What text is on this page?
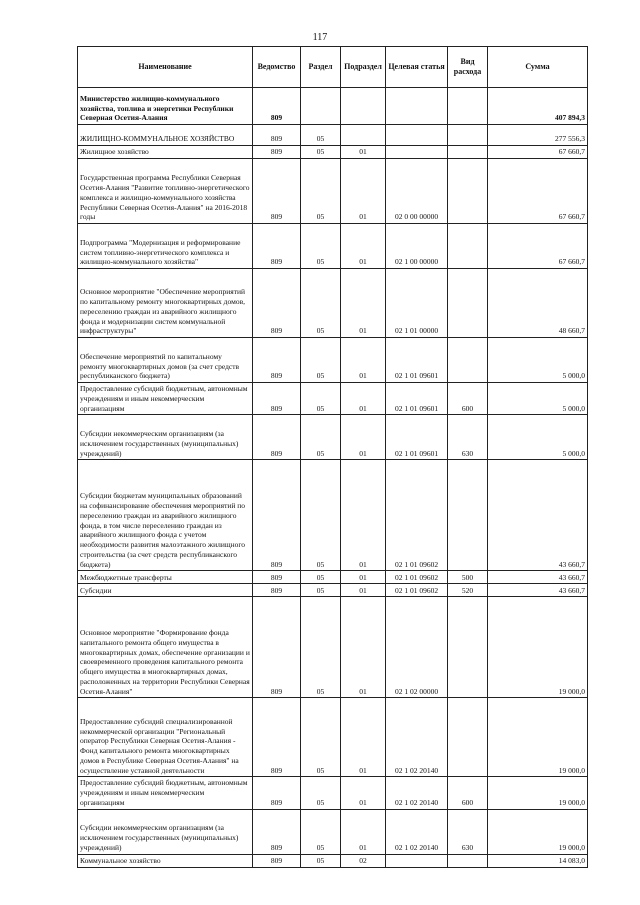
117
Наименование	Ведомство	Раздел	Подраздел	Целевая статья	Вид расхода	Сумма
Министерство жилищно-коммунального хозяйства, топлива и энергетики Республики Северная Осетия-Алания	809					407 894,3
ЖИЛИЩНО-КОММУНАЛЬНОЕ ХОЗЯЙСТВО	809	05				277 556,3
Жилищное хозяйство	809	05	01			67 660,7
Государственная программа Республики Северная Осетия-Алания "Развитие топливно-энергетического комплекса и жилищно-коммунального хозяйства Республики Северная Осетия-Алания" на 2016-2018 годы	809	05	01	02 0 00 00000		67 660,7
Подпрограмма "Модернизация и реформирование систем топливно-энергетического комплекса и жилищно-коммунального хозяйства"	809	05	01	02 1 00 00000		67 660,7
Основное мероприятие "Обеспечение мероприятий по капитальному ремонту многоквартирных домов, переселению граждан из аварийного жилищного фонда и модернизации систем коммунальной инфраструктуры"	809	05	01	02 1 01 00000		48 660,7
Обеспечение мероприятий по капитальному ремонту многоквартирных домов (за счет средств республиканского бюджета)	809	05	01	02 1 01 09601		5 000,0
Предоставление субсидий бюджетным, автономным учреждениям и иным некоммерческим организациям	809	05	01	02 1 01 09601	600	5 000,0
Субсидии некоммерческим организациям (за исключением государственных (муниципальных) учреждений)	809	05	01	02 1 01 09601	630	5 000,0
Субсидии бюджетам муниципальных образований на софинансирование обеспечения мероприятий по переселению граждан из аварийного жилищного фонда, в том числе переселению граждан из аварийного жилищного фонда с учетом необходимости развития малоэтажного жилищного строительства (за счет средств республиканского бюджета)	809	05	01	02 1 01 09602		43 660,7
Межбюджетные трансферты	809	05	01	02 1 01 09602	500	43 660,7
Субсидии	809	05	01	02 1 01 09602	520	43 660,7
Основное мероприятие "Формирование фонда капитального ремонта общего имущества в многоквартирных домах, обеспечение организации и своевременного проведения капитального ремонта общего имущества в многоквартирных домах, расположенных на территории Республики Северная Осетия-Алания"	809	05	01	02 1 02 00000		19 000,0
Предоставление субсидий специализированной некоммерческой организации "Региональный оператор Республики Северная Осетия-Алания - Фонд капитального ремонта многоквартирных домов в Республике Северная Осетия-Алания" на осуществление уставной деятельности	809	05	01	02 1 02 20140		19 000,0
Предоставление субсидий бюджетным, автономным учреждениям и иным некоммерческим организациям	809	05	01	02 1 02 20140	600	19 000,0
Субсидии некоммерческим организациям (за исключением государственных (муниципальных) учреждений)	809	05	01	02 1 02 20140	630	19 000,0
Коммунальное хозяйство	809	05	02			14 083,0
